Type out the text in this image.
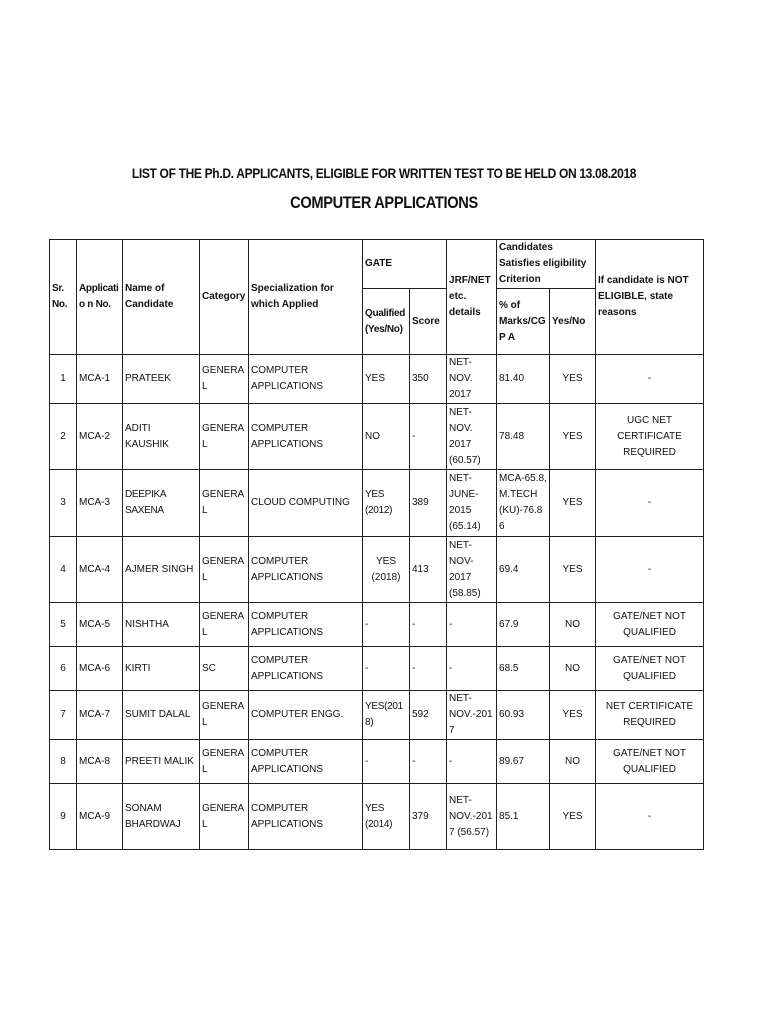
LIST OF THE Ph.D. APPLICANTS, ELIGIBLE FOR WRITTEN TEST TO BE HELD ON 13.08.2018
COMPUTER APPLICATIONS
Sr. No.	Applicatio n No.	Name of Candidate	Category	Specialization for which Applied	GATE		JRF/NET etc. details	Candidates Satisfies eligibility Criterion		If candidate is NOT ELIGIBLE, state reasons
					Qualified (Yes/No)	Score		% of Marks/CGP A	Yes/No	
1	MCA-1	PRATEEK	GENERAL	COMPUTER APPLICATIONS	YES	350	NET-NOV. 2017	81.40	YES	-
2	MCA-2	ADITI KAUSHIK	GENERAL	COMPUTER APPLICATIONS	NO	-	NET-NOV. 2017 (60.57)	78.48	YES	UGC NET CERTIFICATE REQUIRED
3	MCA-3	DEEPIKA SAXENA	GENERAL	CLOUD COMPUTING	YES (2012)	389	NET-JUNE-2015 (65.14)	MCA-65.8, M.TECH (KU)-76.86	YES	-
4	MCA-4	AJMER SINGH	GENERAL	COMPUTER APPLICATIONS	YES (2018)	413	NET-NOV-2017 (58.85)	69.4	YES	-
5	MCA-5	NISHTHA	GENERAL	COMPUTER APPLICATIONS	-	-	-	67.9	NO	GATE/NET NOT QUALIFIED
6	MCA-6	KIRTI	SC	COMPUTER APPLICATIONS	-	-	-	68.5	NO	GATE/NET NOT QUALIFIED
7	MCA-7	SUMIT DALAL	GENERAL	COMPUTER ENGG.	YES(2018)	592	NET-NOV.-2017	60.93	YES	NET CERTIFICATE REQUIRED
8	MCA-8	PREETI MALIK	GENERAL	COMPUTER APPLICATIONS	-	-	-	89.67	NO	GATE/NET NOT QUALIFIED
9	MCA-9	SONAM BHARDWAJ	GENERAL	COMPUTER APPLICATIONS	YES (2014)	379	NET-NOV.-2017 (56.57)	85.1	YES	-
